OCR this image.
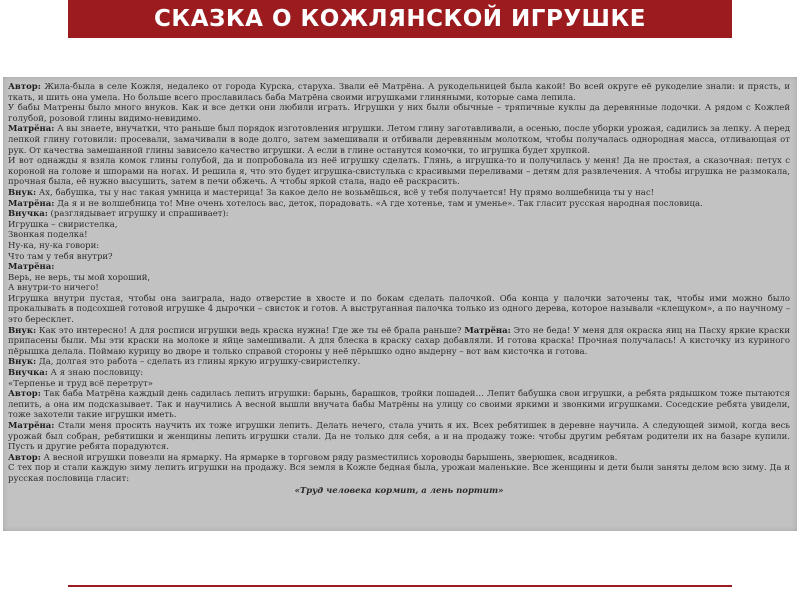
СКАЗКА О КОЖЛЯНСКОЙ ИГРУШКЕ

Автор: Жила-была в селе Кожля, недалеко от города Курска, старуха. Звали её Матрёна. А рукодельницей была какой! Во всей округе её рукоделие знали: и прясть, и ткать, и шить она умела. Но больше всего прославилась баба Матрёна своими игрушками глиняными, которые сама лепила.

У бабы Матрены было много внуков. Как и все детки они любили играть. Игрушки у них были обычные – тряпичные куклы да деревянные лодочки. А рядом с Кожлей голубой, розовой глины видимо-невидимо.

Матрёна: А вы знаете, внучатки, что раньше был порядок изготовления игрушки. Летом глину заготавливали, а осенью, после уборки урожая, садились за лепку. А перед лепкой глину готовили: просевали, замачивали в воде долго, затем замешивали и отбивали деревянным молотком, чтобы получалась однородная масса, отливающая от рук. От качества замешанной глины зависело качество игрушки. А если в глине останутся комочки, то игрушка будет хрупкой.

И вот однажды я взяла комок глины голубой, да и попробовала из неё игрушку сделать. Глянь, а игрушка-то и получилась у меня! Да не простая, а сказочная: петух с короной на голове и шпорами на ногах. И решила я, что это будет игрушка-свистулька с красивыми переливами – детям для развлечения. А чтобы игрушка не размокала, прочная была, её нужно высушить, затем в печи обжечь. А чтобы яркой стала, надо её раскрасить.

Внук: Ах, бабушка, ты у нас такая умница и мастерица! За какое дело не возьмёшься, всё у тебя получается! Ну прямо волшебница ты у нас!

Матрёна: Да я и не волшебница то! Мне очень хотелось вас, деток, порадовать. «А где хотенье, там и уменье». Так гласит русская народная пословица.

Внучка: (разглядывает игрушку и спрашивает):

Игрушка – свиристелка,

Звонкая поделка!

Ну-ка, ну-ка говори:

Что там у тебя внутри?

Матрёна:

Верь, не верь, ты мой хороший,

А внутри-то ничего!

Игрушка внутри пустая, чтобы она заиграла, надо отверстие в хвосте и по бокам сделать палочкой. Оба конца у палочки заточены так, чтобы ими можно было прокалывать в подсохшей готовой игрушке 4 дырочки – свисток и готов. А выструганная палочка только из одного дерева, которое называли «клещуком», а по научному – это бересклет.

Внук: Как это интересно! А для росписи игрушки ведь краска нужна! Где же ты её брала раньше? Матрёна: Это не беда! У меня для окраска яиц на Пасху яркие краски припасены были. Мы эти краски на молоке и яйце замешивали. А для блеска в краску сахар добавляли. И готова краска! Прочная получалась! А кисточку из куриного пёрышка делала. Поймаю курицу во дворе и только справой стороны у неё пёрышко одно выдерну – вот вам кисточка и готова.

Внук: Да, долгая это работа – сделать из глины яркую игрушку-свиристелку.

Внучка: А я знаю пословицу:

«Терпенье и труд всё перетрут»

Автор: Так баба Матрёна каждый день садилась лепить игрушки: барынь, барашков, тройки лошадей… Лепит бабушка свои игрушки, а ребята рядышком тоже пытаются лепить, а она им подсказывает. Так и научились А весной вышли внучата бабы Матрёны на улицу со своими яркими и звонкими игрушками. Соседские ребята увидели, тоже захотели такие игрушки иметь.

Матрёна: Стали меня просить научить их тоже игрушки лепить. Делать нечего, стала учить я их. Всех ребятишек в деревне научила. А следующей зимой, когда весь урожай был собран, ребятишки и женщины лепить игрушки стали. Да не только для себя, а и на продажу тоже: чтобы другим ребятам родители их на базаре купили. Пусть и другие ребята порадуются.

Автор: А весной игрушки повезли на ярмарку. На ярмарке в торговом ряду разместились хороводы барышень, зверюшек, всадников.

С тех пор и стали каждую зиму лепить игрушки на продажу. Вся земля в Кожле бедная была, урожаи маленькие. Все женщины и дети были заняты делом всю зиму. Да и русская пословица гласит:

«Труд человека кормит, а лень портит»
